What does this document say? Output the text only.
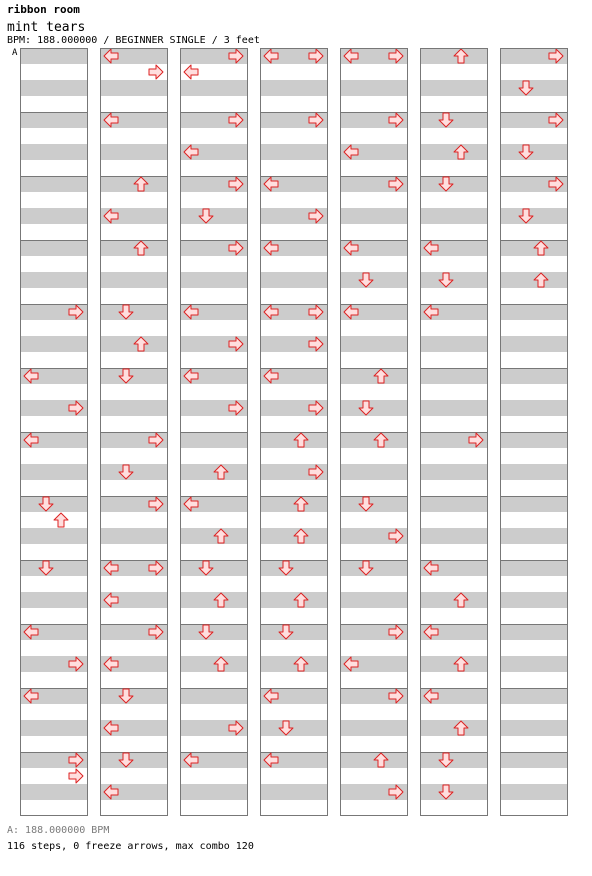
ribbon room
mint tears
BPM: 188.000000 / BEGINNER SINGLE / 3 feet
A
A: 188.000000 BPM
116 steps, 0 freeze arrows, max combo 120
